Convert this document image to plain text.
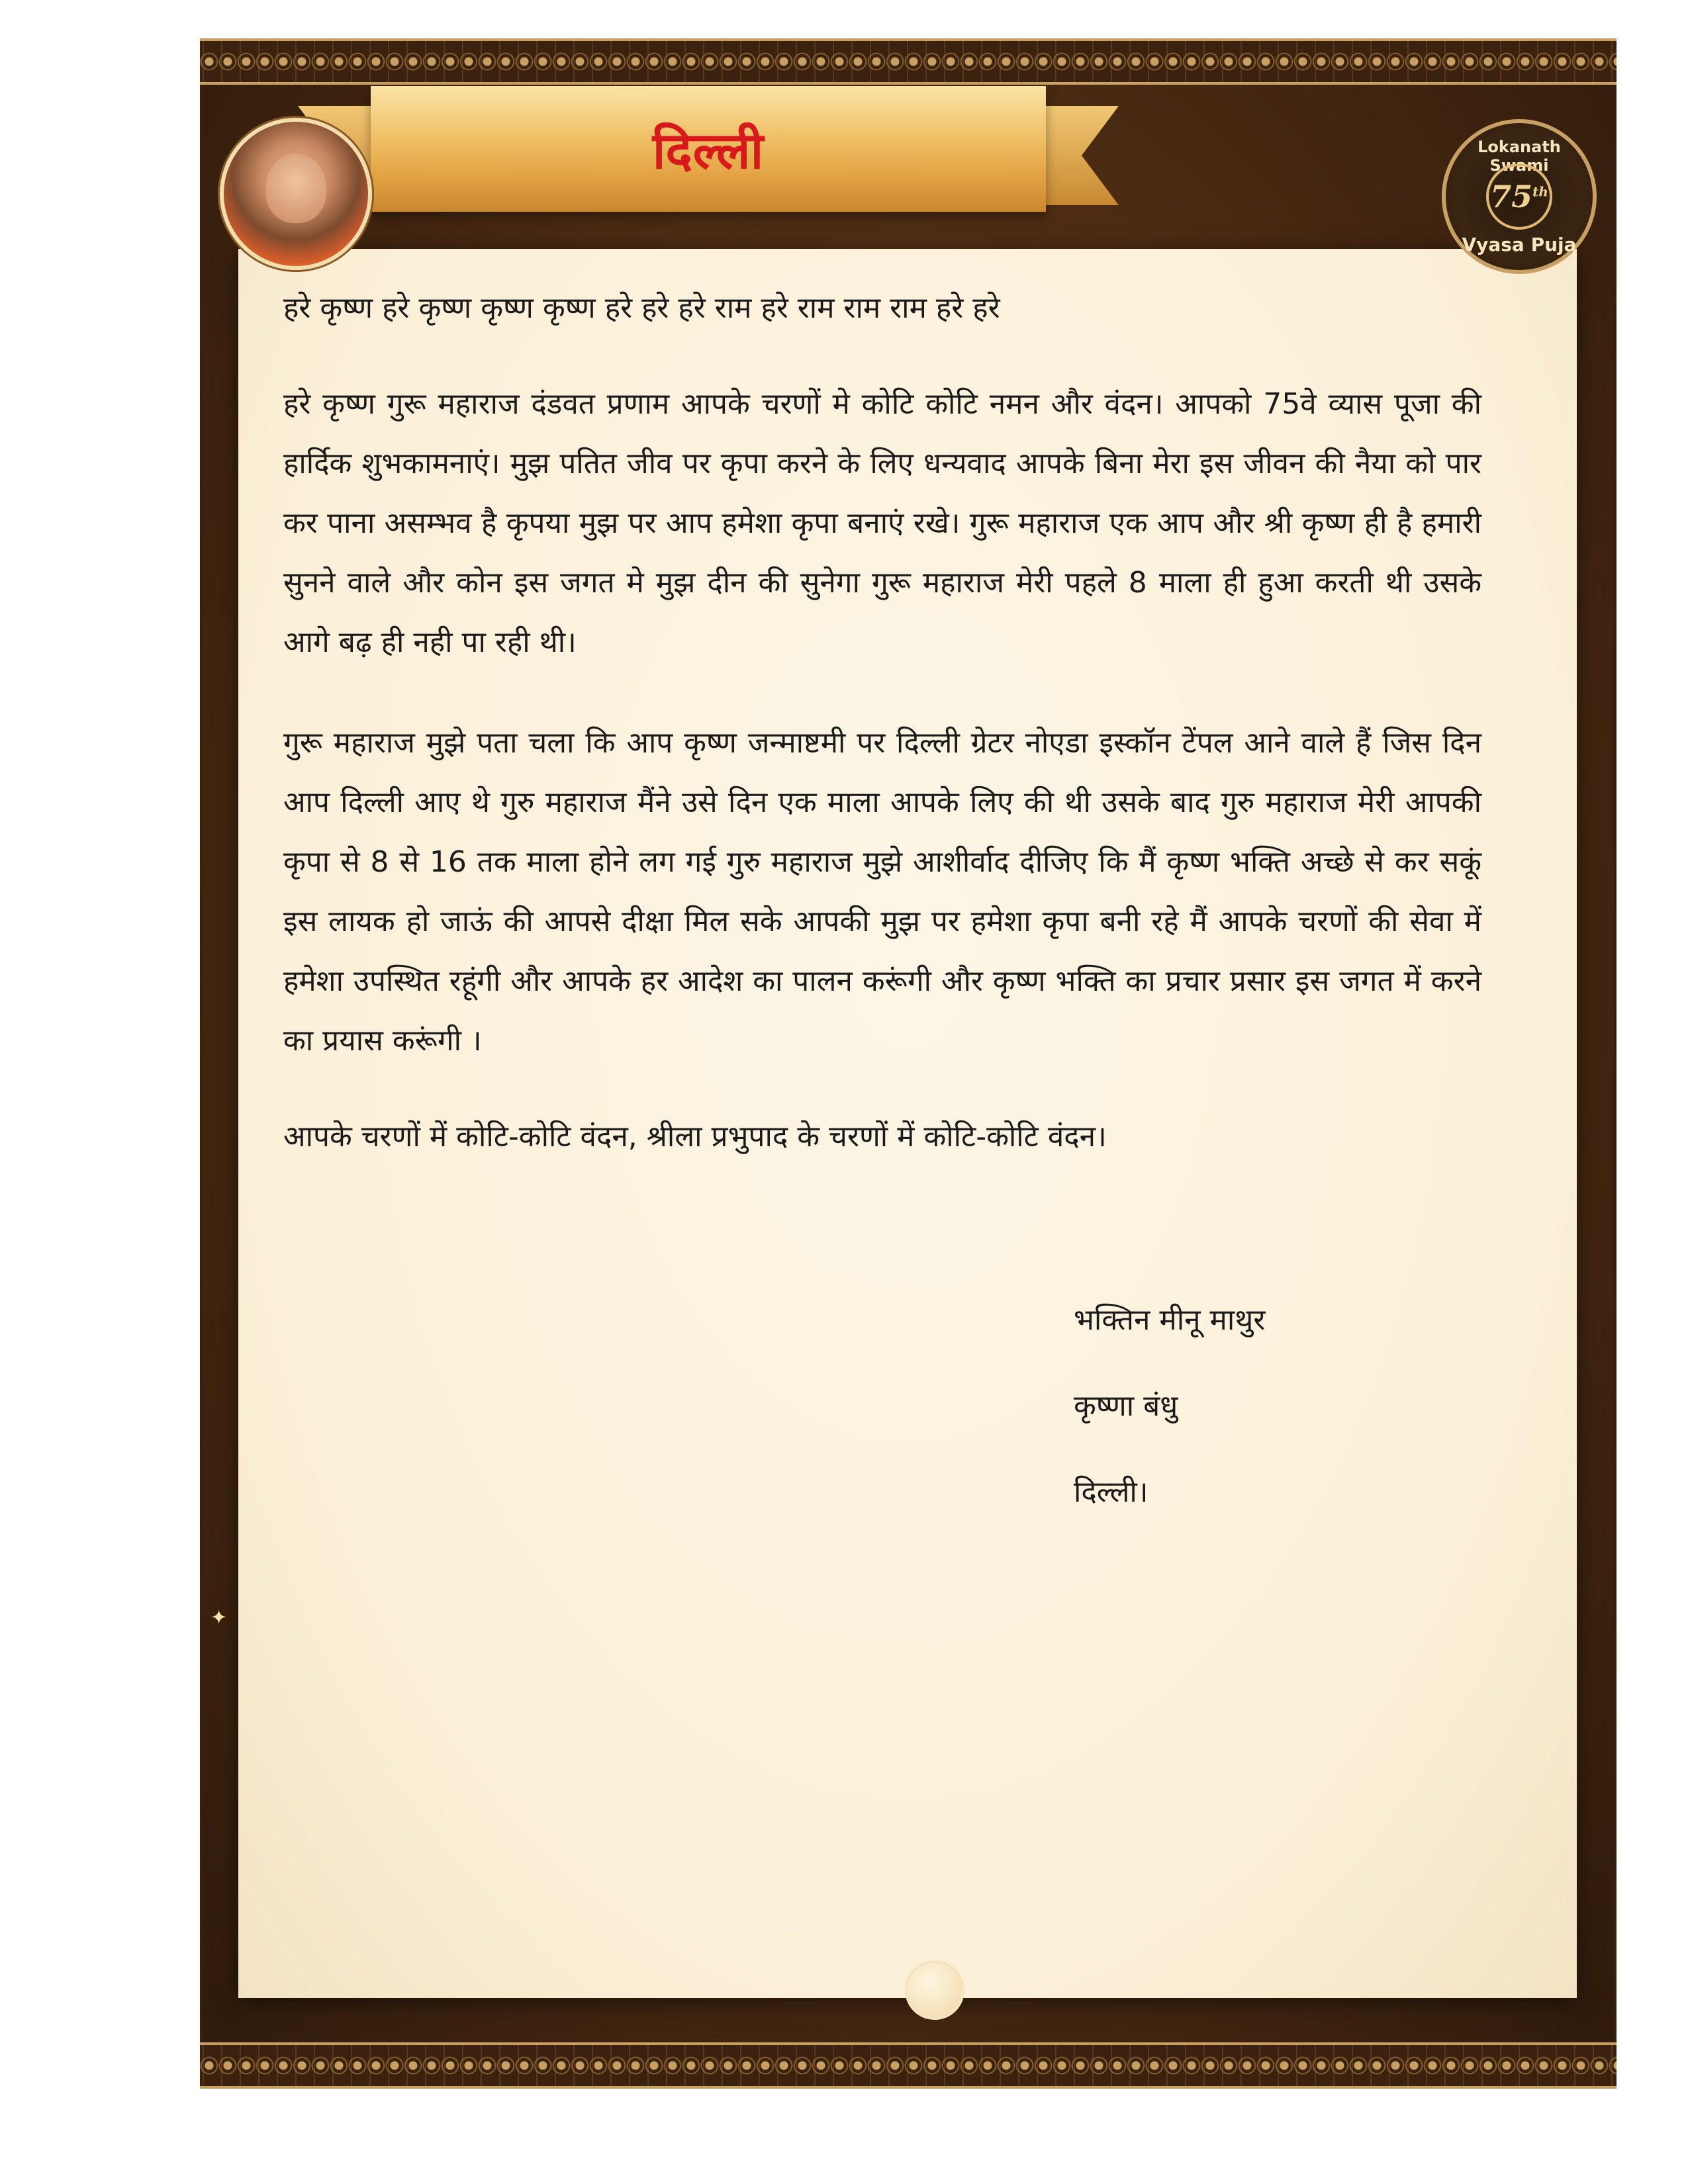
दिल्ली	Lokanath Swami
75th
Vyasa Puja
✦

हरे कृष्ण हरे कृष्ण कृष्ण कृष्ण हरे हरे हरे राम हरे राम राम राम हरे हरे

हरे कृष्ण गुरू महाराज दंडवत प्रणाम आपके चरणों मे कोटि कोटि नमन और वंदन। आपको 75वे व्यास पूजा की हार्दिक शुभकामनाएं। मुझ पतित जीव पर कृपा करने के लिए धन्यवाद आपके बिना मेरा इस जीवन की नैया को पार कर पाना असम्भव है कृपया मुझ पर आप हमेशा कृपा बनाएं रखे। गुरू महाराज एक आप और श्री कृष्ण ही है हमारी सुनने वाले और कोन इस जगत मे मुझ दीन की सुनेगा गुरू महाराज मेरी पहले 8 माला ही हुआ करती थी उसके आगे बढ़ ही नही पा रही थी।

गुरू महाराज मुझे पता चला कि आप कृष्ण जन्माष्टमी पर दिल्ली ग्रेटर नोएडा इस्कॉन टेंपल आने वाले हैं जिस दिन आप दिल्ली आए थे गुरु महाराज मैंने उसे दिन एक माला आपके लिए की थी उसके बाद गुरु महाराज मेरी आपकी कृपा से 8 से 16 तक माला होने लग गई गुरु महाराज मुझे आशीर्वाद दीजिए कि मैं कृष्ण भक्ति अच्छे से कर सकूं इस लायक हो जाऊं की आपसे दीक्षा मिल सके आपकी मुझ पर हमेशा कृपा बनी रहे मैं आपके चरणों की सेवा में हमेशा उपस्थित रहूंगी और आपके हर आदेश का पालन करूंगी और कृष्ण भक्ति का प्रचार प्रसार इस जगत में करने का प्रयास करूंगी ।

आपके चरणों में कोटि-कोटि वंदन, श्रीला प्रभुपाद के चरणों में कोटि-कोटि वंदन।

भक्तिन मीनू माथुर
कृष्णा बंधु
दिल्ली।
